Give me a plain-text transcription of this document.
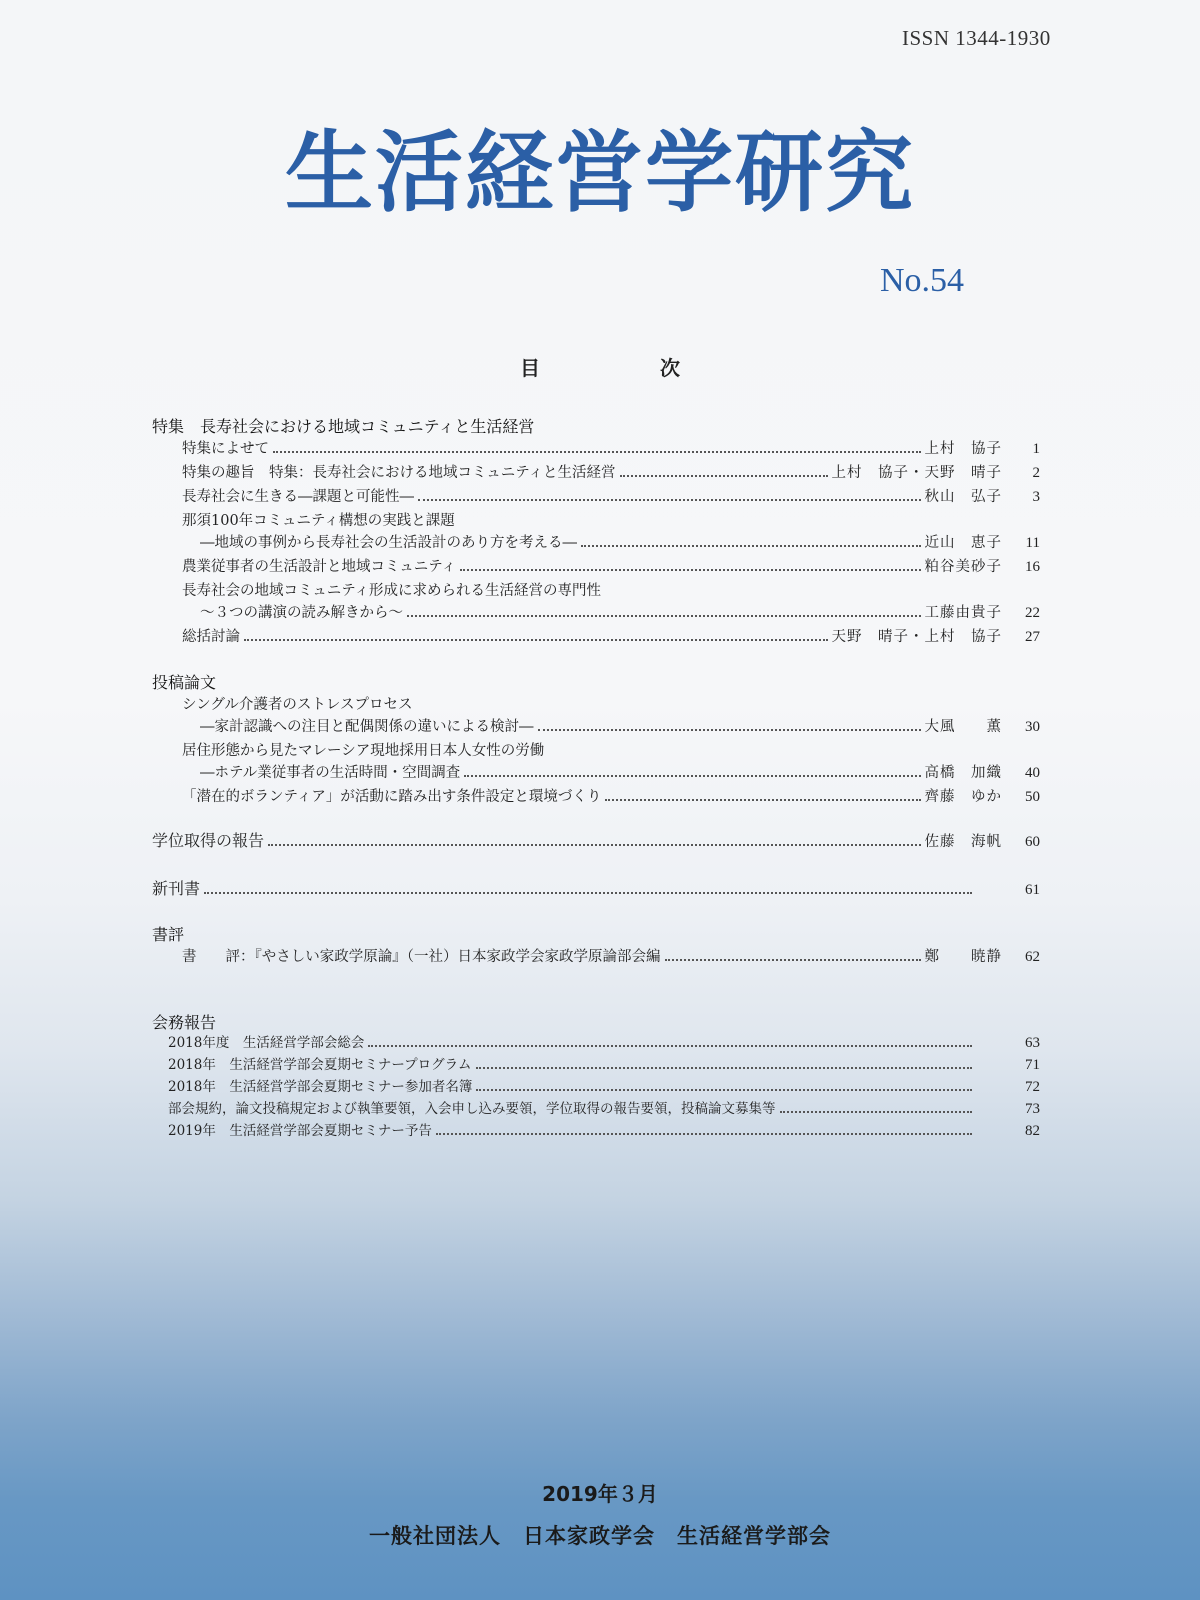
ISSN 1344-1930
生活経営学研究
No.54
目次
特集　長寿社会における地域コミュニティと生活経営
特集によせて	上村　協子	1
特集の趣旨　特集：長寿社会における地域コミュニティと生活経営	上村　協子・天野　晴子	2
長寿社会に生きる―課題と可能性―	秋山　弘子	3
那須100年コミュニティ構想の実践と課題
―地域の事例から長寿社会の生活設計のあり方を考える―	近山　恵子	11
農業従事者の生活設計と地域コミュニティ	粕谷美砂子	16
長寿社会の地域コミュニティ形成に求められる生活経営の専門性
～３つの講演の読み解きから～	工藤由貴子	22
総括討論	天野　晴子・上村　協子	27
投稿論文
シングル介護者のストレスプロセス
―家計認識への注目と配偶関係の違いによる検討―	大風　　薫	30
居住形態から見たマレーシア現地採用日本人女性の労働
―ホテル業従事者の生活時間・空間調査	高橋　加織	40
「潜在的ボランティア」が活動に踏み出す条件設定と環境づくり	齊藤　ゆか	50
学位取得の報告	佐藤　海帆	60
新刊書	61
書評
書　　評：『やさしい家政学原論』（一社）日本家政学会家政学原論部会編	鄭　　暁静	62
会務報告
2018年度　生活経営学部会総会	63
2018年　生活経営学部会夏期セミナープログラム	71
2018年　生活経営学部会夏期セミナー参加者名簿	72
部会規約，論文投稿規定および執筆要領，入会申し込み要領，学位取得の報告要領，投稿論文募集等	73
2019年　生活経営学部会夏期セミナー予告	82
2019年３月
一般社団法人　日本家政学会　生活経営学部会
